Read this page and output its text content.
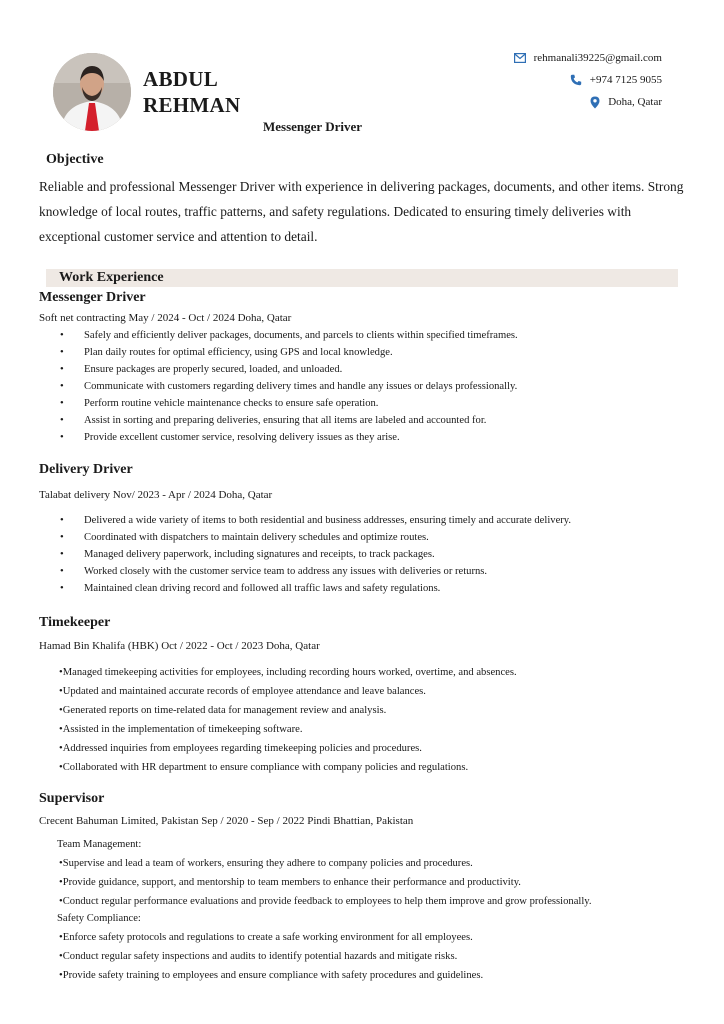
ABDUL
REHMAN
Messenger Driver
rehmanali39225@gmail.com
+974 7125 9055
Doha, Qatar
Objective
Reliable and professional Messenger Driver with experience in delivering packages, documents, and other items. Strong knowledge of local routes, traffic patterns, and safety regulations. Dedicated to ensuring timely deliveries with exceptional customer service and attention to detail.
Work Experience
Messenger Driver
Soft net contracting May / 2024 - Oct / 2024 Doha, Qatar
• Safely and efficiently deliver packages, documents, and parcels to clients within specified timeframes.
• Plan daily routes for optimal efficiency, using GPS and local knowledge.
• Ensure packages are properly secured, loaded, and unloaded.
• Communicate with customers regarding delivery times and handle any issues or delays professionally.
• Perform routine vehicle maintenance checks to ensure safe operation.
• Assist in sorting and preparing deliveries, ensuring that all items are labeled and accounted for.
• Provide excellent customer service, resolving delivery issues as they arise.
Delivery Driver
Talabat delivery Nov/ 2023 - Apr / 2024 Doha, Qatar
• Delivered a wide variety of items to both residential and business addresses, ensuring timely and accurate delivery.
• Coordinated with dispatchers to maintain delivery schedules and optimize routes.
• Managed delivery paperwork, including signatures and receipts, to track packages.
• Worked closely with the customer service team to address any issues with deliveries or returns.
• Maintained clean driving record and followed all traffic laws and safety regulations.
Timekeeper
Hamad Bin Khalifa (HBK) Oct / 2022 - Oct / 2023 Doha, Qatar
• Managed timekeeping activities for employees, including recording hours worked, overtime, and absences.
• Updated and maintained accurate records of employee attendance and leave balances.
• Generated reports on time-related data for management review and analysis.
• Assisted in the implementation of timekeeping software.
• Addressed inquiries from employees regarding timekeeping policies and procedures.
• Collaborated with HR department to ensure compliance with company policies and regulations.
Supervisor
Crecent Bahuman Limited, Pakistan Sep / 2020 - Sep / 2022 Pindi Bhattian, Pakistan
Team Management:
• Supervise and lead a team of workers, ensuring they adhere to company policies and procedures.
• Provide guidance, support, and mentorship to team members to enhance their performance and productivity.
• Conduct regular performance evaluations and provide feedback to employees to help them improve and grow professionally.
Safety Compliance:
• Enforce safety protocols and regulations to create a safe working environment for all employees.
• Conduct regular safety inspections and audits to identify potential hazards and mitigate risks.
• Provide safety training to employees and ensure compliance with safety procedures and guidelines.
